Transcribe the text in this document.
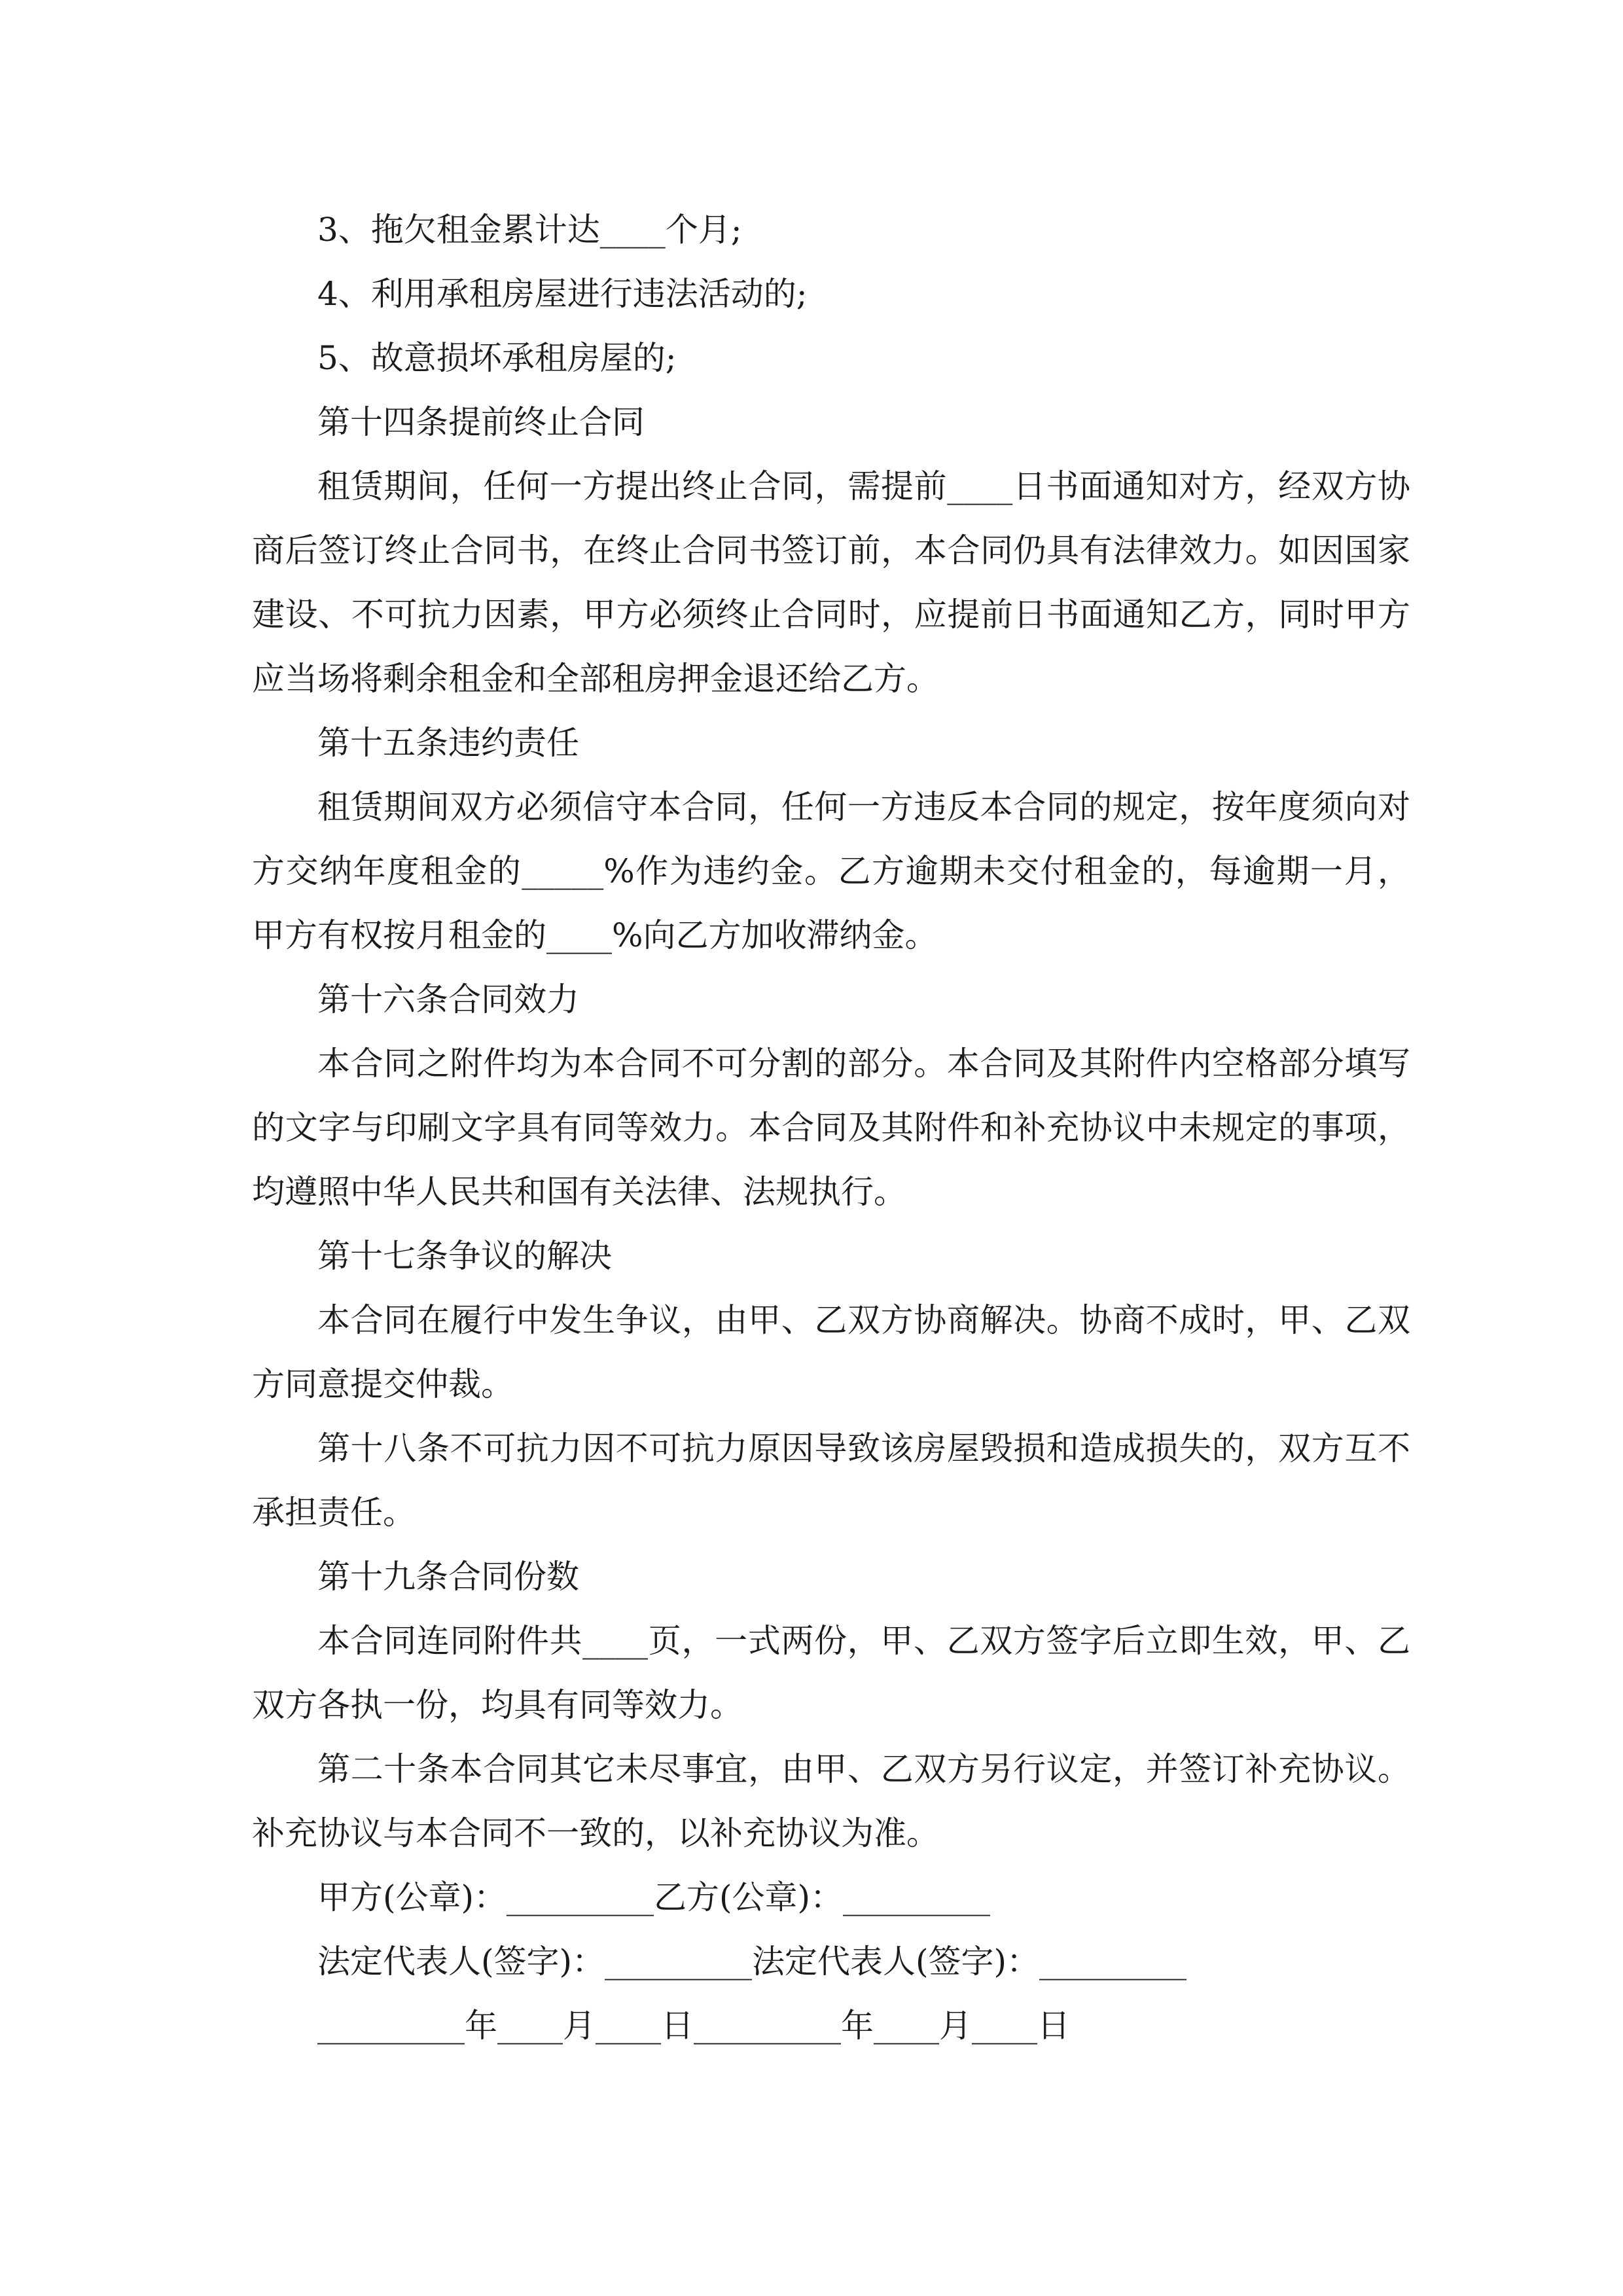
3、拖欠租金累计达____个月;

4、利用承租房屋进行违法活动的;

5、故意损坏承租房屋的;

第十四条提前终止合同

租赁期间，任何一方提出终止合同，需提前____日书面通知对方，经双方协商后签订终止合同书，在终止合同书签订前，本合同仍具有法律效力。如因国家建设、不可抗力因素，甲方必须终止合同时，应提前日书面通知乙方，同时甲方应当场将剩余租金和全部租房押金退还给乙方。

第十五条违约责任

租赁期间双方必须信守本合同，任何一方违反本合同的规定，按年度须向对方交纳年度租金的_____%作为违约金。乙方逾期未交付租金的，每逾期一月，甲方有权按月租金的____%向乙方加收滞纳金。

第十六条合同效力

本合同之附件均为本合同不可分割的部分。本合同及其附件内空格部分填写的文字与印刷文字具有同等效力。本合同及其附件和补充协议中未规定的事项，均遵照中华人民共和国有关法律、法规执行。

第十七条争议的解决

本合同在履行中发生争议，由甲、乙双方协商解决。协商不成时，甲、乙双方同意提交仲裁。

第十八条不可抗力因不可抗力原因导致该房屋毁损和造成损失的，双方互不承担责任。

第十九条合同份数

本合同连同附件共____页，一式两份，甲、乙双方签字后立即生效，甲、乙双方各执一份，均具有同等效力。

第二十条本合同其它未尽事宜，由甲、乙双方另行议定，并签订补充协议。补充协议与本合同不一致的，以补充协议为准。

甲方(公章)：_________乙方(公章)：_________

法定代表人(签字)：_________法定代表人(签字)：_________

_________年____月____日_________年____月____日
